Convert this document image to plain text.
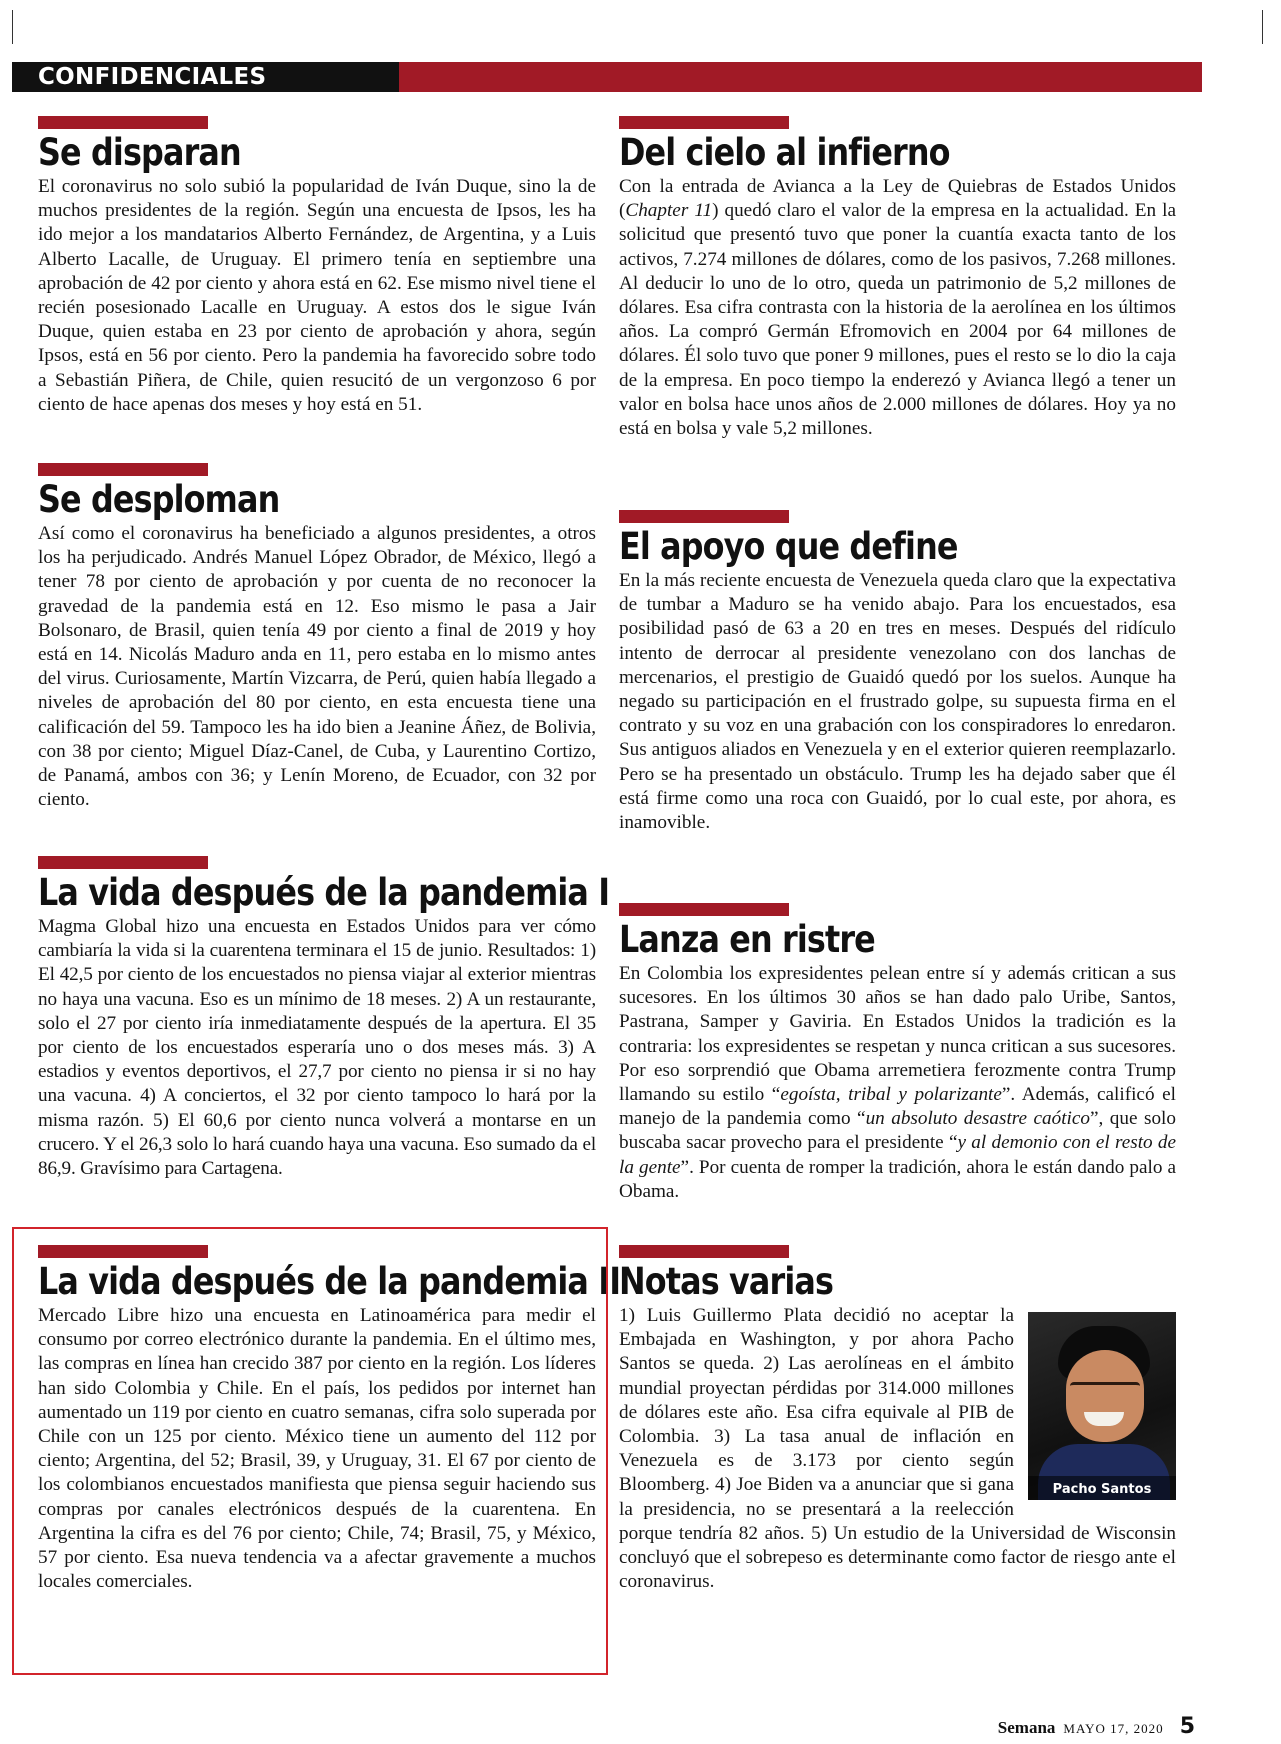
CONFIDENCIALES
Se disparan

El coronavirus no solo subió la popularidad de Iván Duque, sino la de muchos presidentes de la región. Según una encuesta de Ipsos, les ha ido mejor a los mandatarios Alberto Fernández, de Argentina, y a Luis Alberto Lacalle, de Uruguay. El primero tenía en septiembre una aprobación de 42 por ciento y ahora está en 62. Ese mismo nivel tiene el recién posesionado Lacalle en Uruguay. A estos dos le sigue Iván Duque, quien estaba en 23 por ciento de aprobación y ahora, según Ipsos, está en 56 por ciento. Pero la pandemia ha favorecido sobre todo a Sebastián Piñera, de Chile, quien resucitó de un vergonzoso 6 por ciento de hace apenas dos meses y hoy está en 51.

Se desploman

Así como el coronavirus ha beneficiado a algunos presidentes, a otros los ha perjudicado. Andrés Manuel López Obrador, de México, llegó a tener 78 por ciento de aprobación y por cuenta de no reconocer la gravedad de la pandemia está en 12. Eso mismo le pasa a Jair Bolsonaro, de Brasil, quien tenía 49 por ciento a final de 2019 y hoy está en 14. Nicolás Maduro anda en 11, pero estaba en lo mismo antes del virus. Curiosamente, Martín Vizcarra, de Perú, quien había llegado a niveles de aprobación del 80 por ciento, en esta encuesta tiene una calificación del 59. Tampoco les ha ido bien a Jeanine Áñez, de Bolivia, con 38 por ciento; Miguel Díaz-Canel, de Cuba, y Laurentino Cortizo, de Panamá, ambos con 36; y Lenín Moreno, de Ecuador, con 32 por ciento.

La vida después de la pandemia I

Magma Global hizo una encuesta en Estados Unidos para ver cómo cambiaría la vida si la cuarentena terminara el 15 de junio. Resultados: 1) El 42,5 por ciento de los encuestados no piensa viajar al exterior mientras no haya una vacuna. Eso es un mínimo de 18 meses. 2) A un restaurante, solo el 27 por ciento iría inmediatamente después de la apertura. El 35 por ciento de los encuestados esperaría uno o dos meses más. 3) A estadios y eventos deportivos, el 27,7 por ciento no piensa ir si no hay una vacuna. 4) A conciertos, el 32 por ciento tampoco lo hará por la misma razón. 5) El 60,6 por ciento nunca volverá a montarse en un crucero. Y el 26,3 solo lo hará cuando haya una vacuna. Eso sumado da el 86,9. Gravísimo para Cartagena.

La vida después de la pandemia II

Mercado Libre hizo una encuesta en Latinoamérica para medir el consumo por correo electrónico durante la pandemia. En el último mes, las compras en línea han crecido 387 por ciento en la región. Los líderes han sido Colombia y Chile. En el país, los pedidos por internet han aumentado un 119 por ciento en cuatro semanas, cifra solo superada por Chile con un 125 por ciento. México tiene un aumento del 112 por ciento; Argentina, del 52; Brasil, 39, y Uruguay, 31. El 67 por ciento de los colombianos encuestados manifiesta que piensa seguir haciendo sus compras por canales electrónicos después de la cuarentena. En Argentina la cifra es del 76 por ciento; Chile, 74; Brasil, 75, y México, 57 por ciento. Esa nueva tendencia va a afectar gravemente a muchos locales comerciales.

Del cielo al infierno

Con la entrada de Avianca a la Ley de Quiebras de Estados Unidos (Chapter 11) quedó claro el valor de la empresa en la actualidad. En la solicitud que presentó tuvo que poner la cuantía exacta tanto de los activos, 7.274 millones de dólares, como de los pasivos, 7.268 millones. Al deducir lo uno de lo otro, queda un patrimonio de 5,2 millones de dólares. Esa cifra contrasta con la historia de la aerolínea en los últimos años. La compró Germán Efromovich en 2004 por 64 millones de dólares. Él solo tuvo que poner 9 millones, pues el resto se lo dio la caja de la empresa. En poco tiempo la enderezó y Avianca llegó a tener un valor en bolsa hace unos años de 2.000 millones de dólares. Hoy ya no está en bolsa y vale 5,2 millones.

El apoyo que define

En la más reciente encuesta de Venezuela queda claro que la expectativa de tumbar a Maduro se ha venido abajo. Para los encuestados, esa posibilidad pasó de 63 a 20 en tres en meses. Después del ridículo intento de derrocar al presidente venezolano con dos lanchas de mercenarios, el prestigio de Guaidó quedó por los suelos. Aunque ha negado su participación en el frustrado golpe, su supuesta firma en el contrato y su voz en una grabación con los conspiradores lo enredaron. Sus antiguos aliados en Venezuela y en el exterior quieren reemplazarlo. Pero se ha presentado un obstáculo. Trump les ha dejado saber que él está firme como una roca con Guaidó, por lo cual este, por ahora, es inamovible.

Lanza en ristre

En Colombia los expresidentes pelean entre sí y además critican a sus sucesores. En los últimos 30 años se han dado palo Uribe, Santos, Pastrana, Samper y Gaviria. En Estados Unidos la tradición es la contraria: los expresidentes se respetan y nunca critican a sus sucesores. Por eso sorprendió que Obama arremetiera ferozmente contra Trump llamando su estilo “egoísta, tribal y polarizante”. Además, calificó el manejo de la pandemia como “un absoluto desastre caótico”, que solo buscaba sacar provecho para el presidente “y al demonio con el resto de la gente”. Por cuenta de romper la tradición, ahora le están dando palo a Obama.

Notas varias
Pacho Santos

1) Luis Guillermo Plata decidió no aceptar la Embajada en Washington, y por ahora Pacho Santos se queda. 2) Las aerolíneas en el ámbito mundial proyectan pérdidas por 314.000 millones de dólares este año. Esa cifra equivale al PIB de Colombia. 3) La tasa anual de inflación en Venezuela es de 3.173 por ciento según Bloomberg. 4) Joe Biden va a anunciar que si gana la presidencia, no se presentará a la reelección porque tendría 82 años. 5) Un estudio de la Universidad de Wisconsin concluyó que el sobrepeso es determinante como factor de riesgo ante el coronavirus.

Semana MAYO 17, 2020 5
